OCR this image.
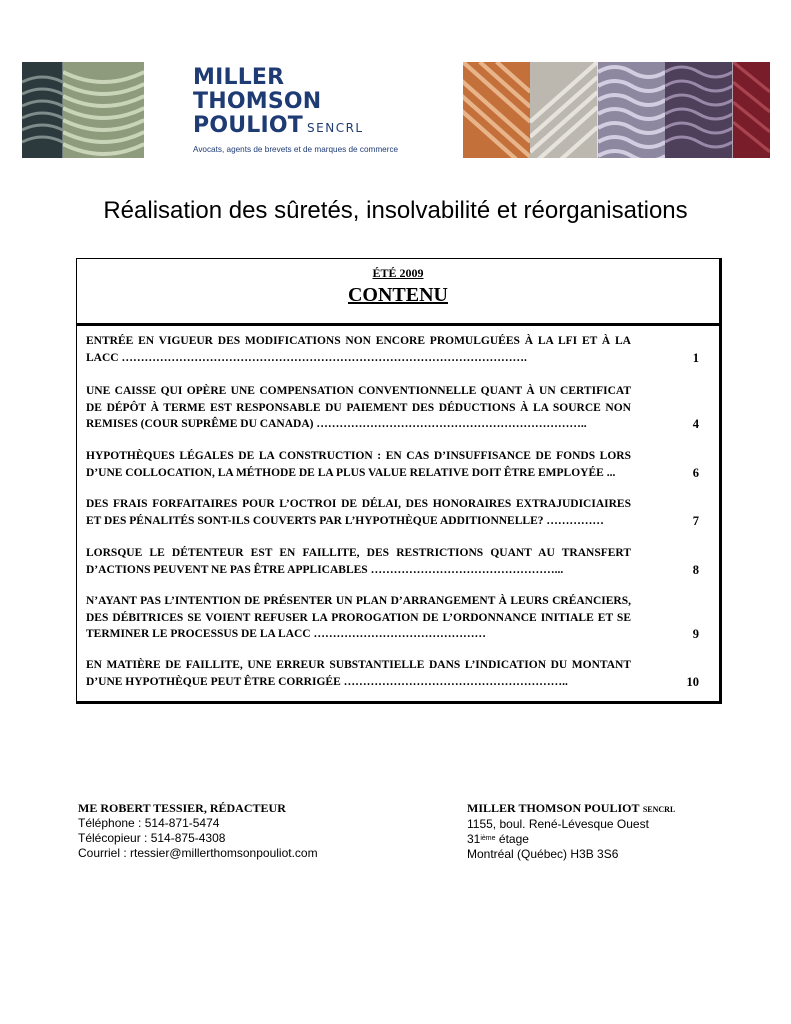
MILLER
THOMSON
POULIOT SENCRL
Avocats, agents de brevets et de marques de commerce
Réalisation des sûretés, insolvabilité et réorganisations
ÉTÉ 2009
CONTENU
ENTRÉE EN VIGUEUR DES MODIFICATIONS NON ENCORE PROMULGUÉES À LA LFI ET À LA LACC …………………………………………………………………………………………….	1
UNE CAISSE QUI OPÈRE UNE COMPENSATION CONVENTIONNELLE QUANT À UN CERTIFICAT DE DÉPÔT À TERME EST RESPONSABLE DU PAIEMENT DES DÉDUCTIONS À LA SOURCE NON REMISES (COUR SUPRÊME DU CANADA) ……………………………………………………………..	4
HYPOTHÈQUES LÉGALES DE LA CONSTRUCTION : EN CAS D’INSUFFISANCE DE FONDS LORS D’UNE COLLOCATION, LA MÉTHODE DE LA PLUS VALUE RELATIVE DOIT ÊTRE EMPLOYÉE ...	6
DES FRAIS FORFAITAIRES POUR L’OCTROI DE DÉLAI, DES HONORAIRES EXTRAJUDICIAIRES ET DES PÉNALITÉS SONT-ILS COUVERTS PAR L’HYPOTHÈQUE ADDITIONNELLE? ……………	7
LORSQUE LE DÉTENTEUR EST EN FAILLITE, DES RESTRICTIONS QUANT AU TRANSFERT D’ACTIONS PEUVENT NE PAS ÊTRE APPLICABLES …………………………………………...	8
N’AYANT PAS L’INTENTION DE PRÉSENTER UN PLAN D’ARRANGEMENT À LEURS CRÉANCIERS, DES DÉBITRICES SE VOIENT REFUSER LA PROROGATION DE L’ORDONNANCE INITIALE ET SE TERMINER LE PROCESSUS DE LA LACC ………………………………………	9
EN MATIÈRE DE FAILLITE, UNE ERREUR SUBSTANTIELLE DANS L’INDICATION DU MONTANT D’UNE HYPOTHÈQUE PEUT ÊTRE CORRIGÉE …………………………………………………..	10
ME ROBERT TESSIER, RÉDACTEUR
Téléphone : 514-871-5474
Télécopieur : 514-875-4308
Courriel : rtessier@millerthomsonpouliot.com
MILLER THOMSON POULIOT SENCRL
1155, boul. René-Lévesque Ouest
31ième étage
Montréal (Québec) H3B 3S6
